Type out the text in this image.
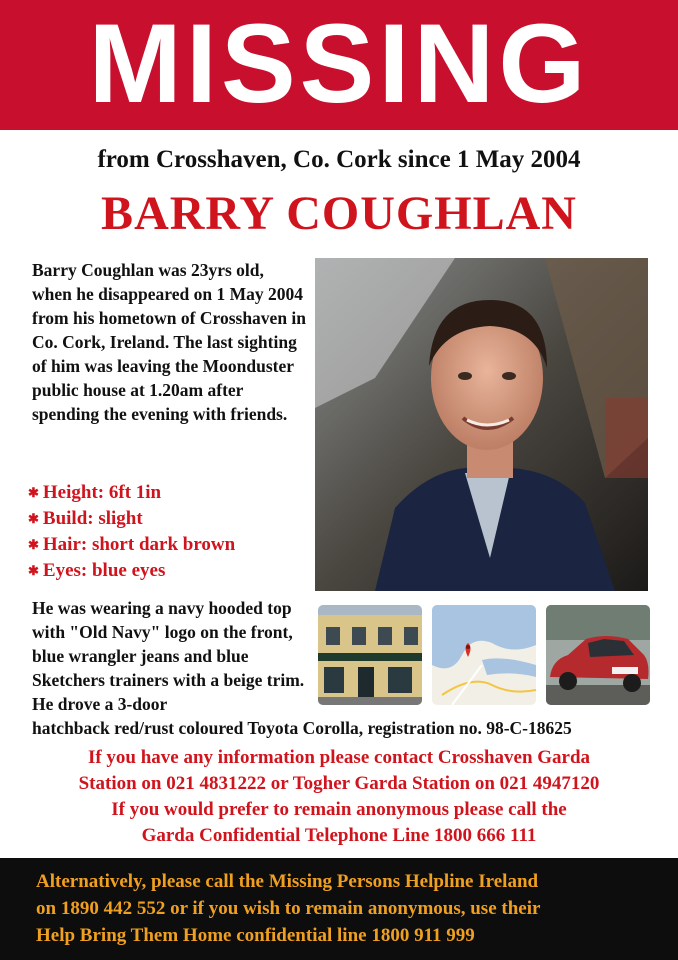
MISSING
from Crosshaven, Co. Cork since 1 May 2004
BARRY COUGHLAN

Barry Coughlan was 23yrs old, when he disappeared on 1 May 2004 from his hometown of Crosshaven in Co. Cork, Ireland. The last sighting of him was leaving the Moonduster public house at 1.20am after spending the evening with friends.

✱ Height: 6ft 1in
✱ Build: slight
✱ Hair: short dark brown
✱ Eyes: blue eyes

He was wearing a navy hooded top with "Old Navy" logo on the front, blue wrangler jeans and blue Sketchers trainers with a beige trim. He drove a 3-door

hatchback red/rust coloured Toyota Corolla, registration no. 98-C-18625

If you have any information please contact Crosshaven Garda
Station on 021 4831222 or Togher Garda Station on 021 4947120
If you would prefer to remain anonymous please call the
Garda Confidential Telephone Line 1800 666 111
Alternatively, please call the Missing Persons Helpline Ireland
on 1890 442 552 or if you wish to remain anonymous, use their
Help Bring Them Home confidential line 1800 911 999
